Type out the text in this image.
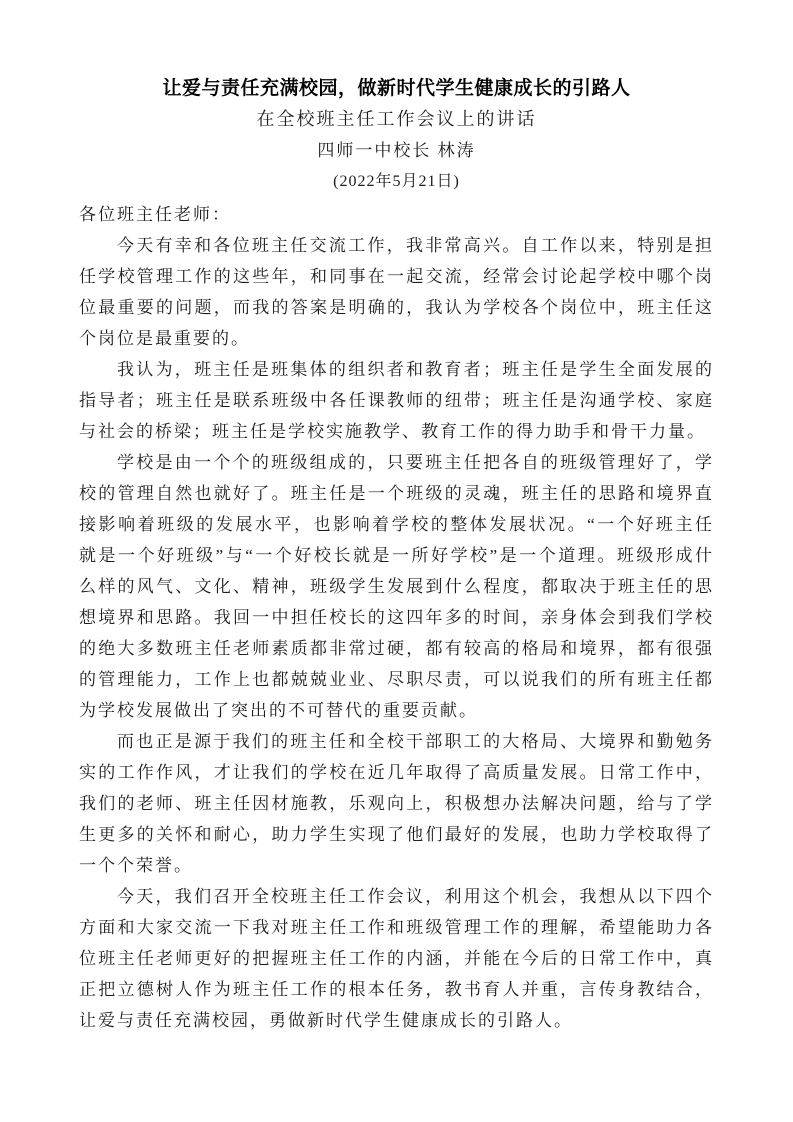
让爱与责任充满校园，做新时代学生健康成长的引路人
在全校班主任工作会议上的讲话
四师一中校长 林涛
(2022年5月21日)

各位班主任老师：

今天有幸和各位班主任交流工作，我非常高兴。自工作以来，特别是担任学校管理工作的这些年，和同事在一起交流，经常会讨论起学校中哪个岗位最重要的问题，而我的答案是明确的，我认为学校各个岗位中，班主任这个岗位是最重要的。

我认为，班主任是班集体的组织者和教育者；班主任是学生全面发展的指导者；班主任是联系班级中各任课教师的纽带；班主任是沟通学校、家庭与社会的桥梁；班主任是学校实施教学、教育工作的得力助手和骨干力量。

学校是由一个个的班级组成的，只要班主任把各自的班级管理好了，学校的管理自然也就好了。班主任是一个班级的灵魂，班主任的思路和境界直接影响着班级的发展水平，也影响着学校的整体发展状况。“一个好班主任就是一个好班级”与“一个好校长就是一所好学校”是一个道理。班级形成什么样的风气、文化、精神，班级学生发展到什么程度，都取决于班主任的思想境界和思路。我回一中担任校长的这四年多的时间，亲身体会到我们学校的绝大多数班主任老师素质都非常过硬，都有较高的格局和境界，都有很强的管理能力，工作上也都兢兢业业、尽职尽责，可以说我们的所有班主任都为学校发展做出了突出的不可替代的重要贡献。

而也正是源于我们的班主任和全校干部职工的大格局、大境界和勤勉务实的工作作风，才让我们的学校在近几年取得了高质量发展。日常工作中，我们的老师、班主任因材施教，乐观向上，积极想办法解决问题，给与了学生更多的关怀和耐心，助力学生实现了他们最好的发展，也助力学校取得了一个个荣誉。

今天，我们召开全校班主任工作会议，利用这个机会，我想从以下四个方面和大家交流一下我对班主任工作和班级管理工作的理解，希望能助力各位班主任老师更好的把握班主任工作的内涵，并能在今后的日常工作中，真正把立德树人作为班主任工作的根本任务，教书育人并重，言传身教结合，让爱与责任充满校园，勇做新时代学生健康成长的引路人。
